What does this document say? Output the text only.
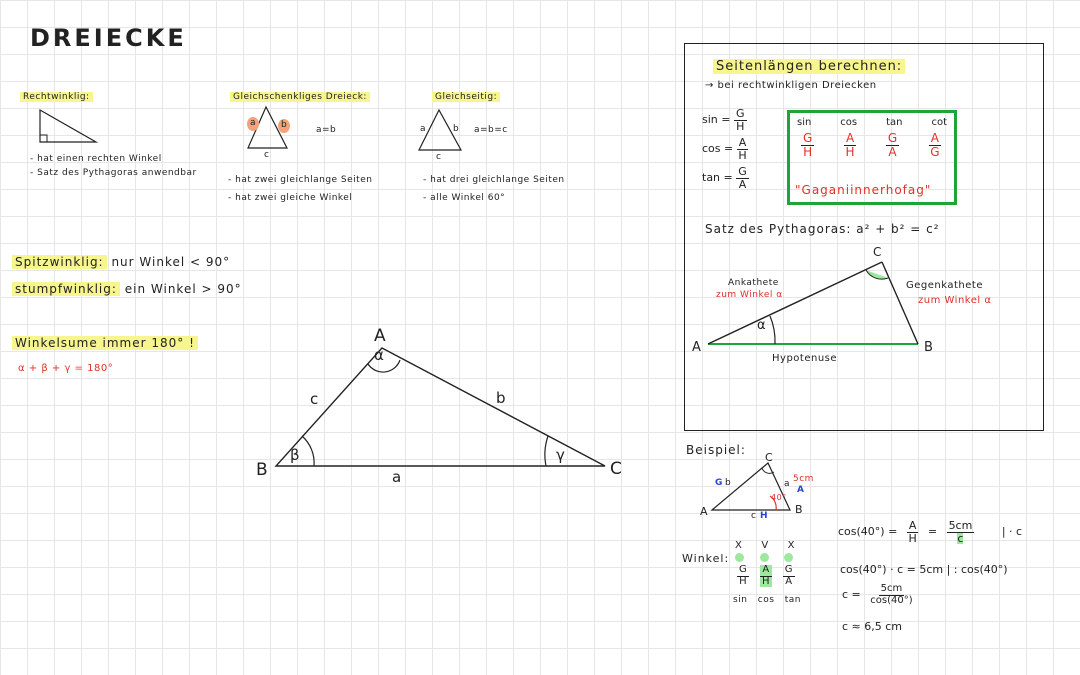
DREIECKE
Rechtwinklig:
- hat einen rechten Winkel
- Satz des Pythagoras anwendbar
Gleichschenkliges Dreieck:
a	b
c
a=b
- hat zwei gleichlange Seiten
- hat zwei gleiche Winkel
Gleichseitig:
a	b
c
a=b=c
- hat drei gleichlange Seiten
- alle Winkel 60°
Spitzwinklig: nur Winkel < 90°
stumpfwinklig: ein Winkel > 90°
Winkelsume immer 180° !
α + β + γ = 180°
A
B	C
a
b
c
α
β	γ
Seitenlängen berechnen:
→ bei rechtwinkligen Dreiecken
$\sin = \frac{G}{H}$
$\cos = \frac{A}{H}$
$\tan = \frac{G}{A}$
sin	cos	tan	cot
$\frac{G}{H} \frac{A}{H} \frac{G}{A} \frac{A}{G}$
"Gaganiinnerhofag"
Satz des Pythagoras: a² + b² = c²
C
A	B
α
Ankathete
zum Winkel α
Gegenkathete
zum Winkel α
Hypotenuse
Beispiel:
C
A	B
G b	a 5cm
A
40°
c H
Winkel:
X V X
$\frac{G}{H} \frac{A}{H} \frac{G}{A}$
sin cos tan
$\cos(40^\circ) = \frac{A}{H} = \frac{5cm}{c}$	| · c
cos(40°) · c = 5cm | : cos(40°)
$c = \frac{5cm}{\cos(40^\circ)}$
c ≈ 6,5 cm
